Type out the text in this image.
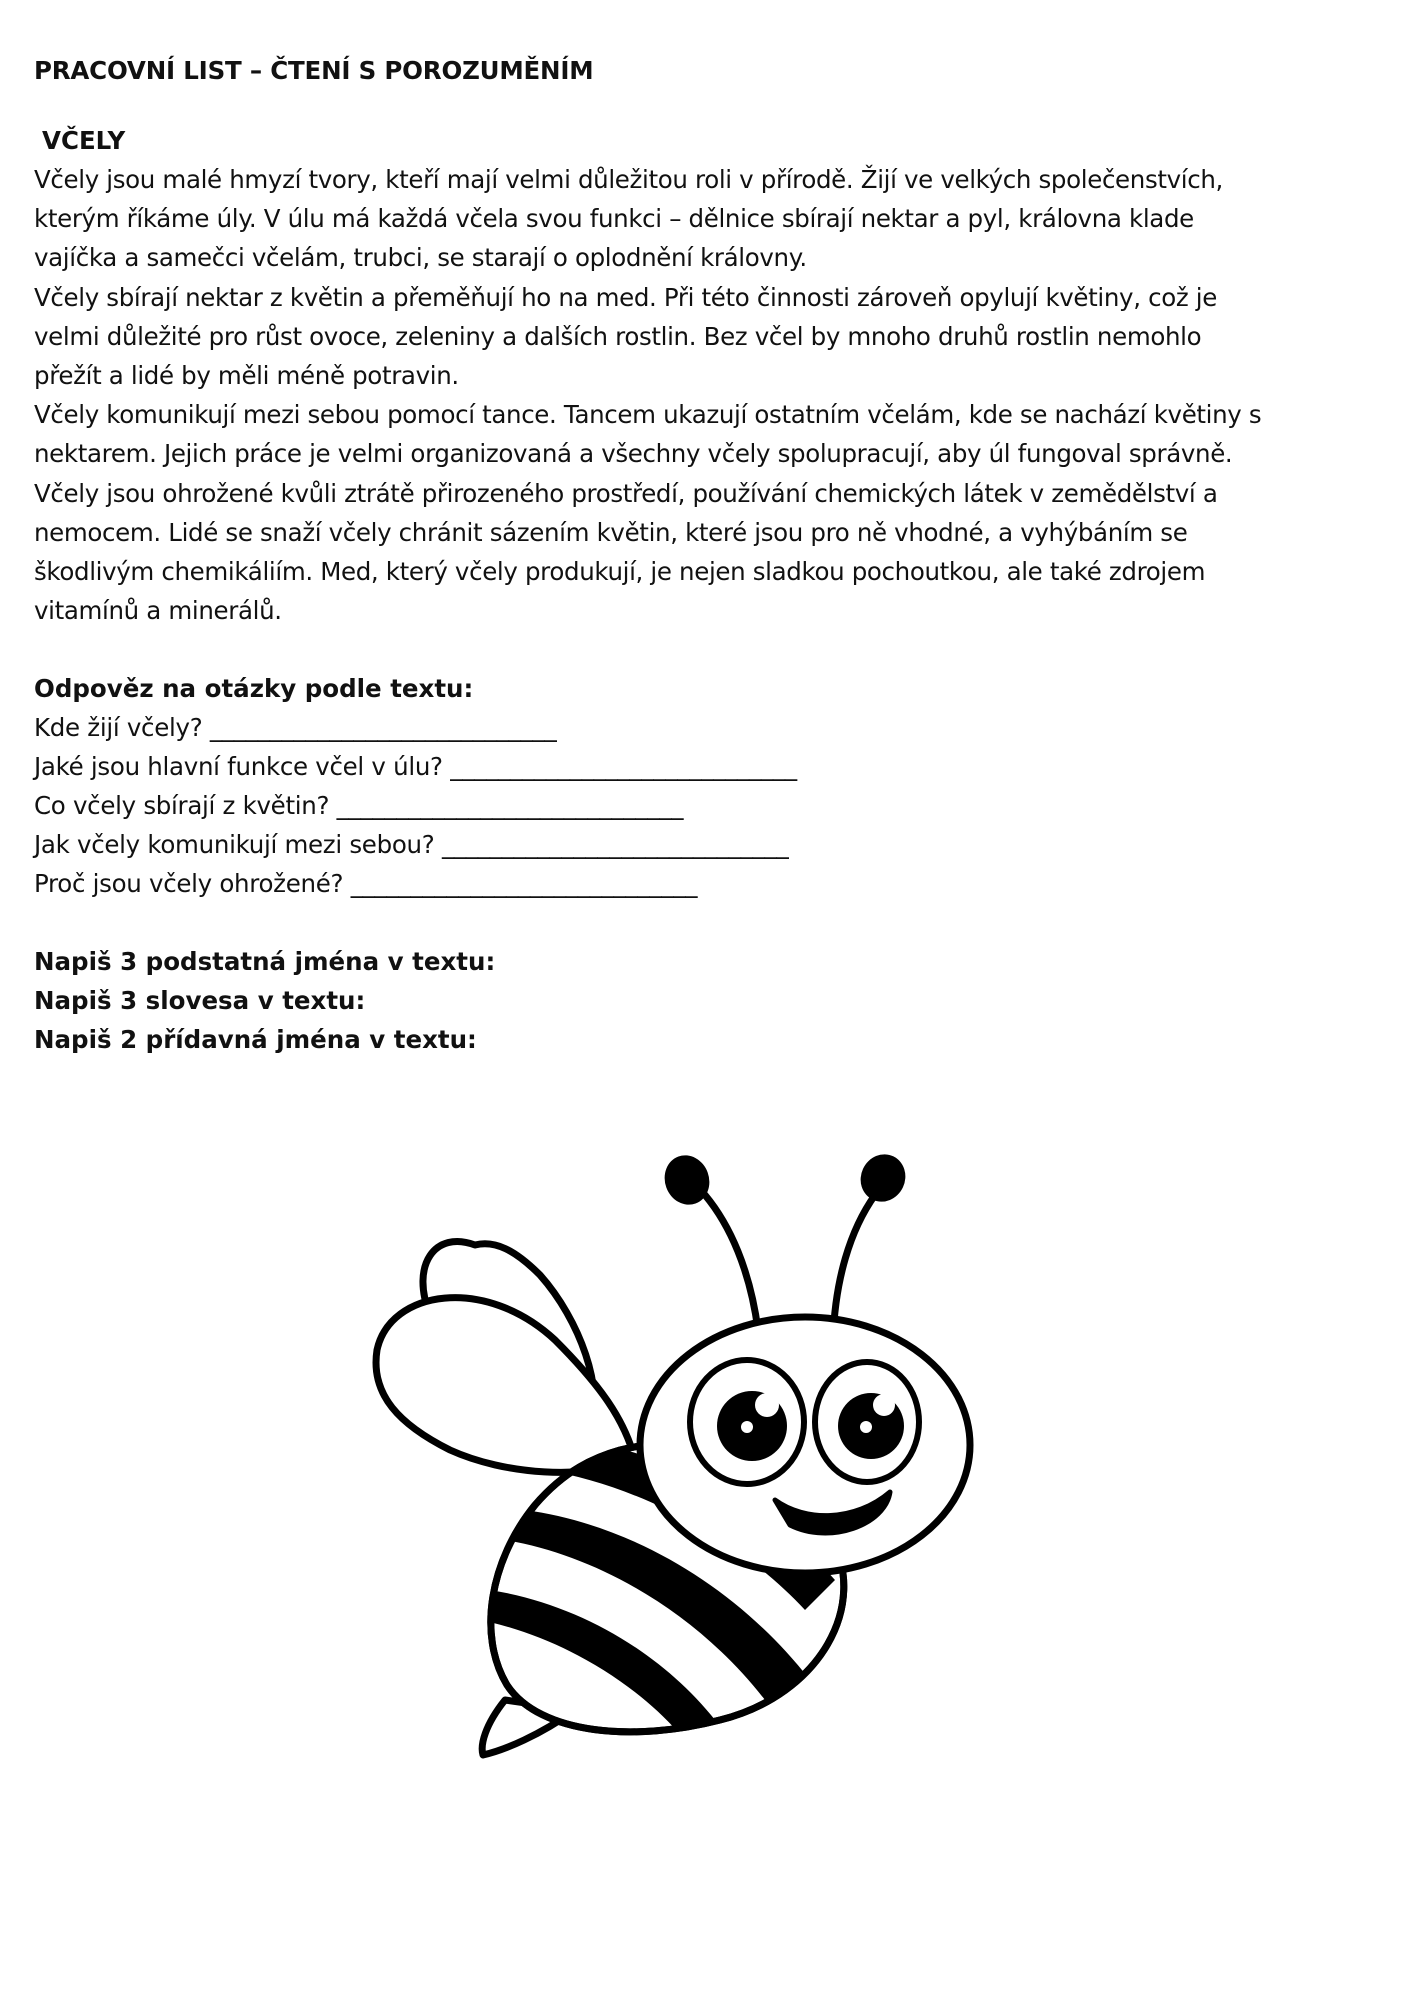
PRACOVNÍ LIST – ČTENÍ S POROZUMĚNÍM
VČELY

Včely jsou malé hmyzí tvory, kteří mají velmi důležitou roli v přírodě. Žijí ve velkých společenstvích,
kterým říkáme úly. V úlu má každá včela svou funkci – dělnice sbírají nektar a pyl, královna klade
vajíčka a samečci včelám, trubci, se starají o oplodnění královny.

Včely sbírají nektar z květin a přeměňují ho na med. Při této činnosti zároveň opylují květiny, což je
velmi důležité pro růst ovoce, zeleniny a dalších rostlin. Bez včel by mnoho druhů rostlin nemohlo
přežít a lidé by měli méně potravin.

Včely komunikují mezi sebou pomocí tance. Tancem ukazují ostatním včelám, kde se nachází květiny s
nektarem. Jejich práce je velmi organizovaná a všechny včely spolupracují, aby úl fungoval správně.

Včely jsou ohrožené kvůli ztrátě přirozeného prostředí, používání chemických látek v zemědělství a
nemocem. Lidé se snaží včely chránit sázením květin, které jsou pro ně vhodné, a vyhýbáním se
škodlivým chemikáliím. Med, který včely produkují, je nejen sladkou pochoutkou, ale také zdrojem
vitamínů a minerálů.

Odpověz na otázky podle textu:

Kde žijí včely? _____________________________

Jaké jsou hlavní funkce včel v úlu? _____________________________

Co včely sbírají z květin? _____________________________

Jak včely komunikují mezi sebou? _____________________________

Proč jsou včely ohrožené? _____________________________

Napiš 3 podstatná jména v textu:

Napiš 3 slovesa v textu:

Napiš 2 přídavná jména v textu:
